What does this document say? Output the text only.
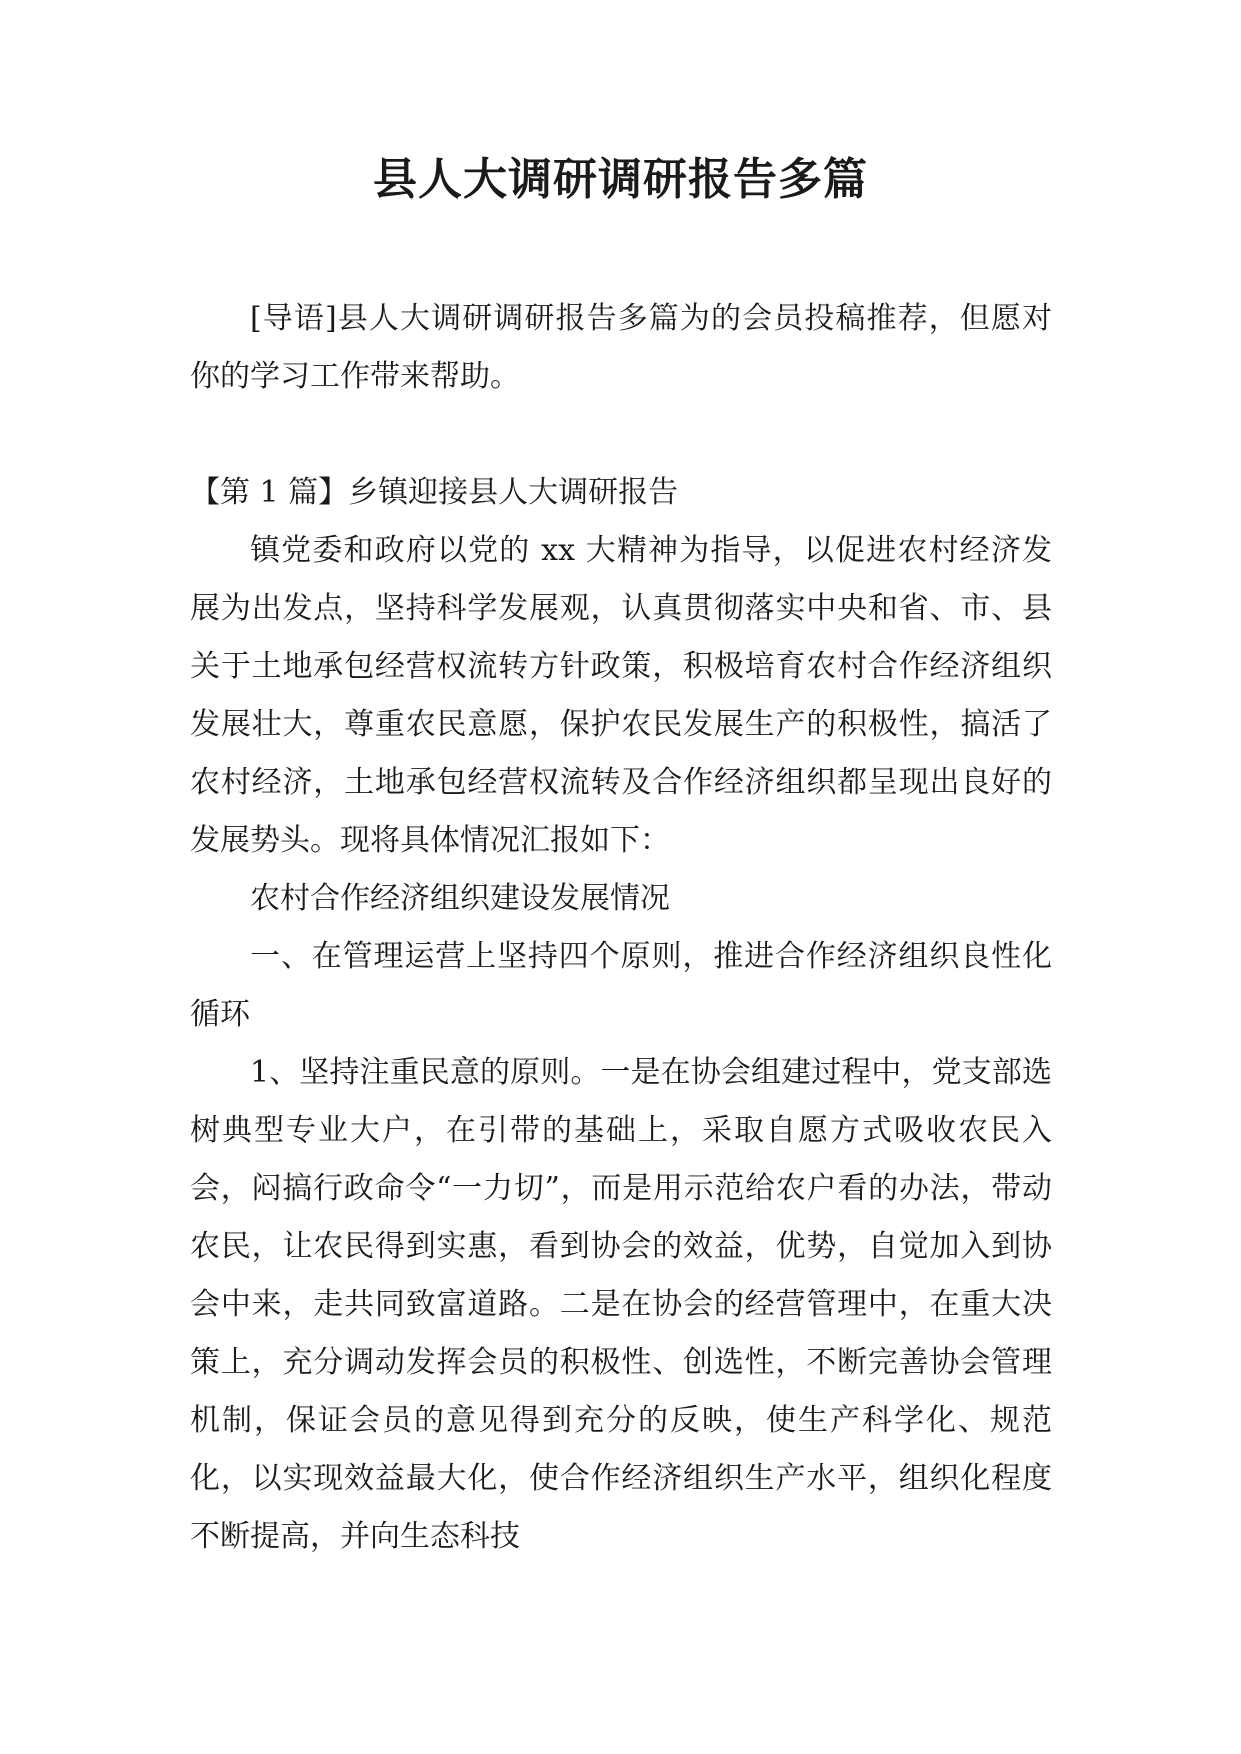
县人大调研调研报告多篇

[导语]县人大调研调研报告多篇为的会员投稿推荐，但愿对你的学习工作带来帮助。

【第 1 篇】乡镇迎接县人大调研报告

镇党委和政府以党的 xx 大精神为指导，以促进农村经济发展为出发点，坚持科学发展观，认真贯彻落实中央和省、市、县关于土地承包经营权流转方针政策，积极培育农村合作经济组织发展壮大，尊重农民意愿，保护农民发展生产的积极性，搞活了农村经济，土地承包经营权流转及合作经济组织都呈现出良好的发展势头。现将具体情况汇报如下：

农村合作经济组织建设发展情况

一、在管理运营上坚持四个原则，推进合作经济组织良性化循环

1、坚持注重民意的原则。一是在协会组建过程中，党支部选树典型专业大户，在引带的基础上，采取自愿方式吸收农民入会，闷搞行政命令“一力切”，而是用示范给农户看的办法，带动农民，让农民得到实惠，看到协会的效益，优势，自觉加入到协会中来，走共同致富道路。二是在协会的经营管理中，在重大决策上，充分调动发挥会员的积极性、创选性，不断完善协会管理机制，保证会员的意见得到充分的反映，使生产科学化、规范化，以实现效益最大化，使合作经济组织生产水平，组织化程度不断提高，并向生态科技
